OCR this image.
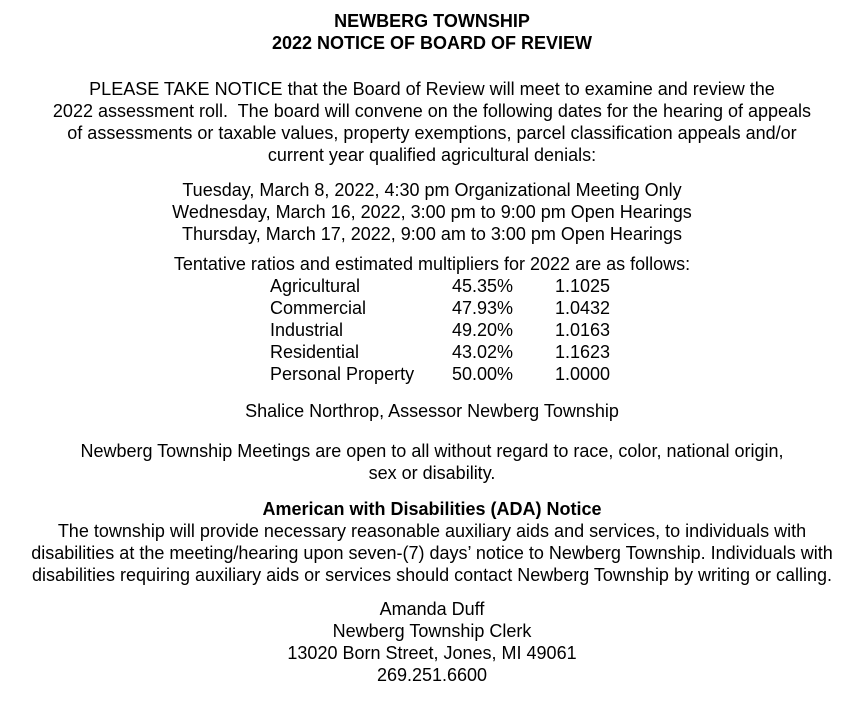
NEWBERG TOWNSHIP
2022 NOTICE OF BOARD OF REVIEW
PLEASE TAKE NOTICE that the Board of Review will meet to examine and review the
2022 assessment roll.  The board will convene on the following dates for the hearing of appeals
of assessments or taxable values, property exemptions, parcel classification appeals and/or
current year qualified agricultural denials:
Tuesday, March 8, 2022, 4:30 pm Organizational Meeting Only
Wednesday, March 16, 2022, 3:00 pm to 9:00 pm Open Hearings
Thursday, March 17, 2022, 9:00 am to 3:00 pm Open Hearings
Tentative ratios and estimated multipliers for 2022 are as follows:
Agricultural	45.35%	1.1025
Commercial	47.93%	1.0432
Industrial	49.20%	1.0163
Residential	43.02%	1.1623
Personal Property	50.00%	1.0000
Shalice Northrop, Assessor Newberg Township
Newberg Township Meetings are open to all without regard to race, color, national origin,
sex or disability.
American with Disabilities (ADA) Notice
The township will provide necessary reasonable auxiliary aids and services, to individuals with
disabilities at the meeting/hearing upon seven-(7) days’ notice to Newberg Township. Individuals with
disabilities requiring auxiliary aids or services should contact Newberg Township by writing or calling.
Amanda Duff
Newberg Township Clerk
13020 Born Street, Jones, MI 49061
269.251.6600
